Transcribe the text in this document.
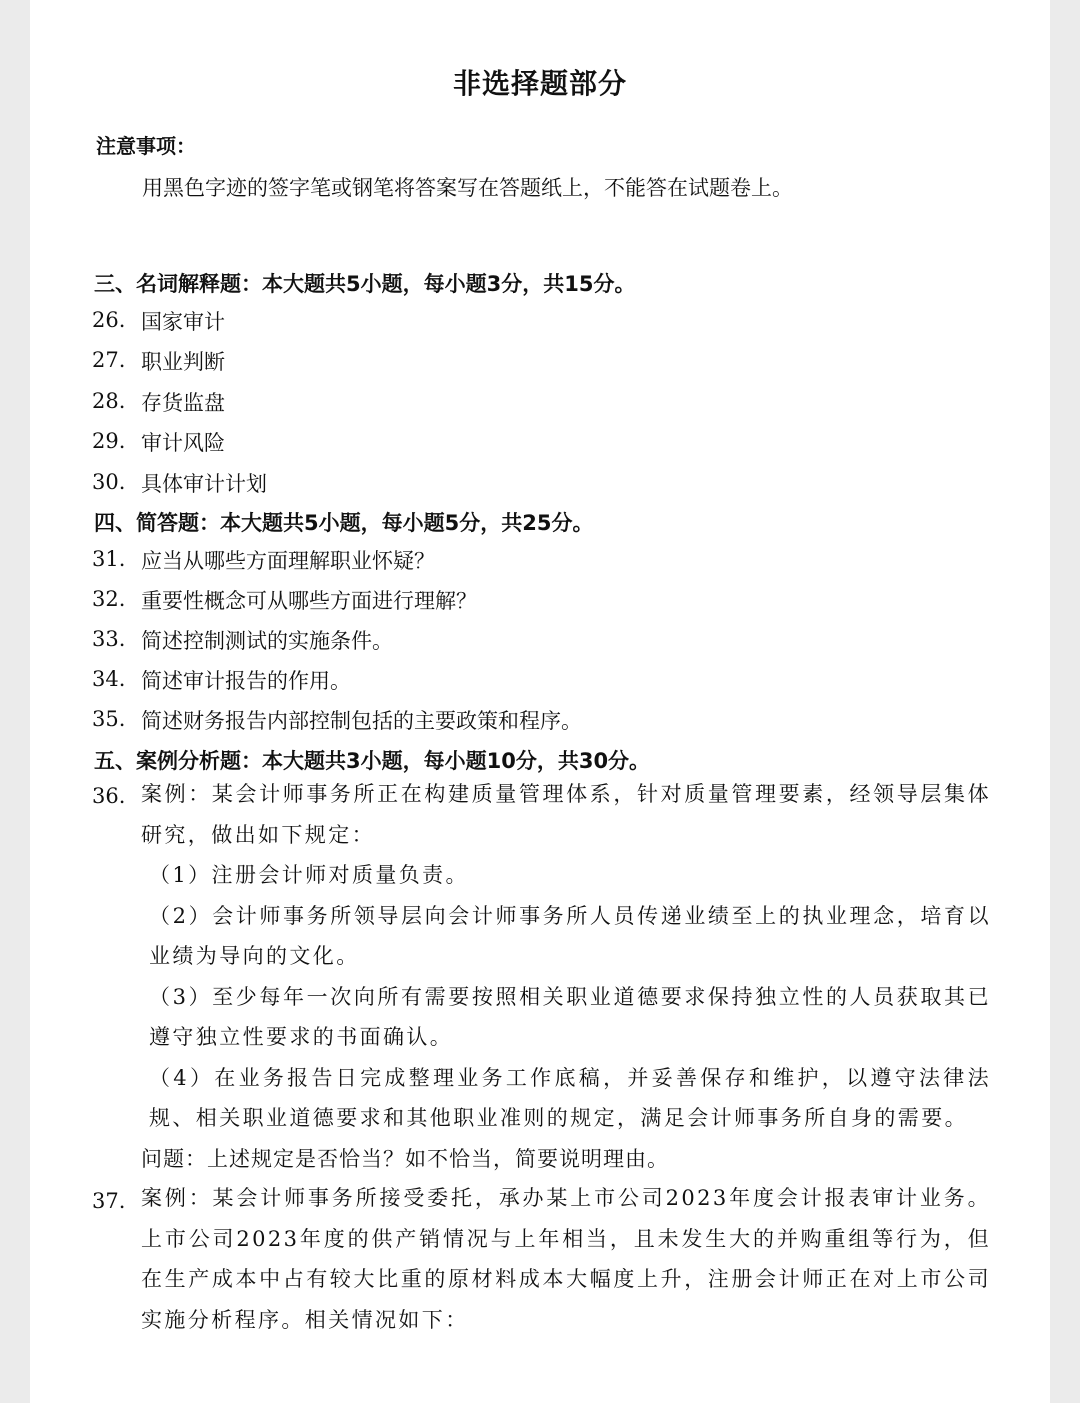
非选择题部分
注意事项：
用黑色字迹的签字笔或钢笔将答案写在答题纸上，不能答在试题卷上。
三、名词解释题：本大题共5小题，每小题3分，共15分。
26. 国家审计
27. 职业判断
28. 存货监盘
29. 审计风险
30. 具体审计计划
四、简答题：本大题共5小题，每小题5分，共25分。
31. 应当从哪些方面理解职业怀疑？
32. 重要性概念可从哪些方面进行理解？
33. 简述控制测试的实施条件。
34. 简述审计报告的作用。
35. 简述财务报告内部控制包括的主要政策和程序。
五、案例分析题：本大题共3小题，每小题10分，共30分。
36. 案例：某会计师事务所正在构建质量管理体系，针对质量管理要素，经领导层集体研究，做出如下规定：

（1）注册会计师对质量负责。

（2）会计师事务所领导层向会计师事务所人员传递业绩至上的执业理念，培育以业绩为导向的文化。

（3）至少每年一次向所有需要按照相关职业道德要求保持独立性的人员获取其已遵守独立性要求的书面确认。

（4）在业务报告日完成整理业务工作底稿，并妥善保存和维护，以遵守法律法规、相关职业道德要求和其他职业准则的规定，满足会计师事务所自身的需要。

问题：上述规定是否恰当？如不恰当，简要说明理由。

37. 案例：某会计师事务所接受委托，承办某上市公司2023年度会计报表审计业务。上市公司2023年度的供产销情况与上年相当，且未发生大的并购重组等行为，但在生产成本中占有较大比重的原材料成本大幅度上升，注册会计师正在对上市公司实施分析程序。相关情况如下：
